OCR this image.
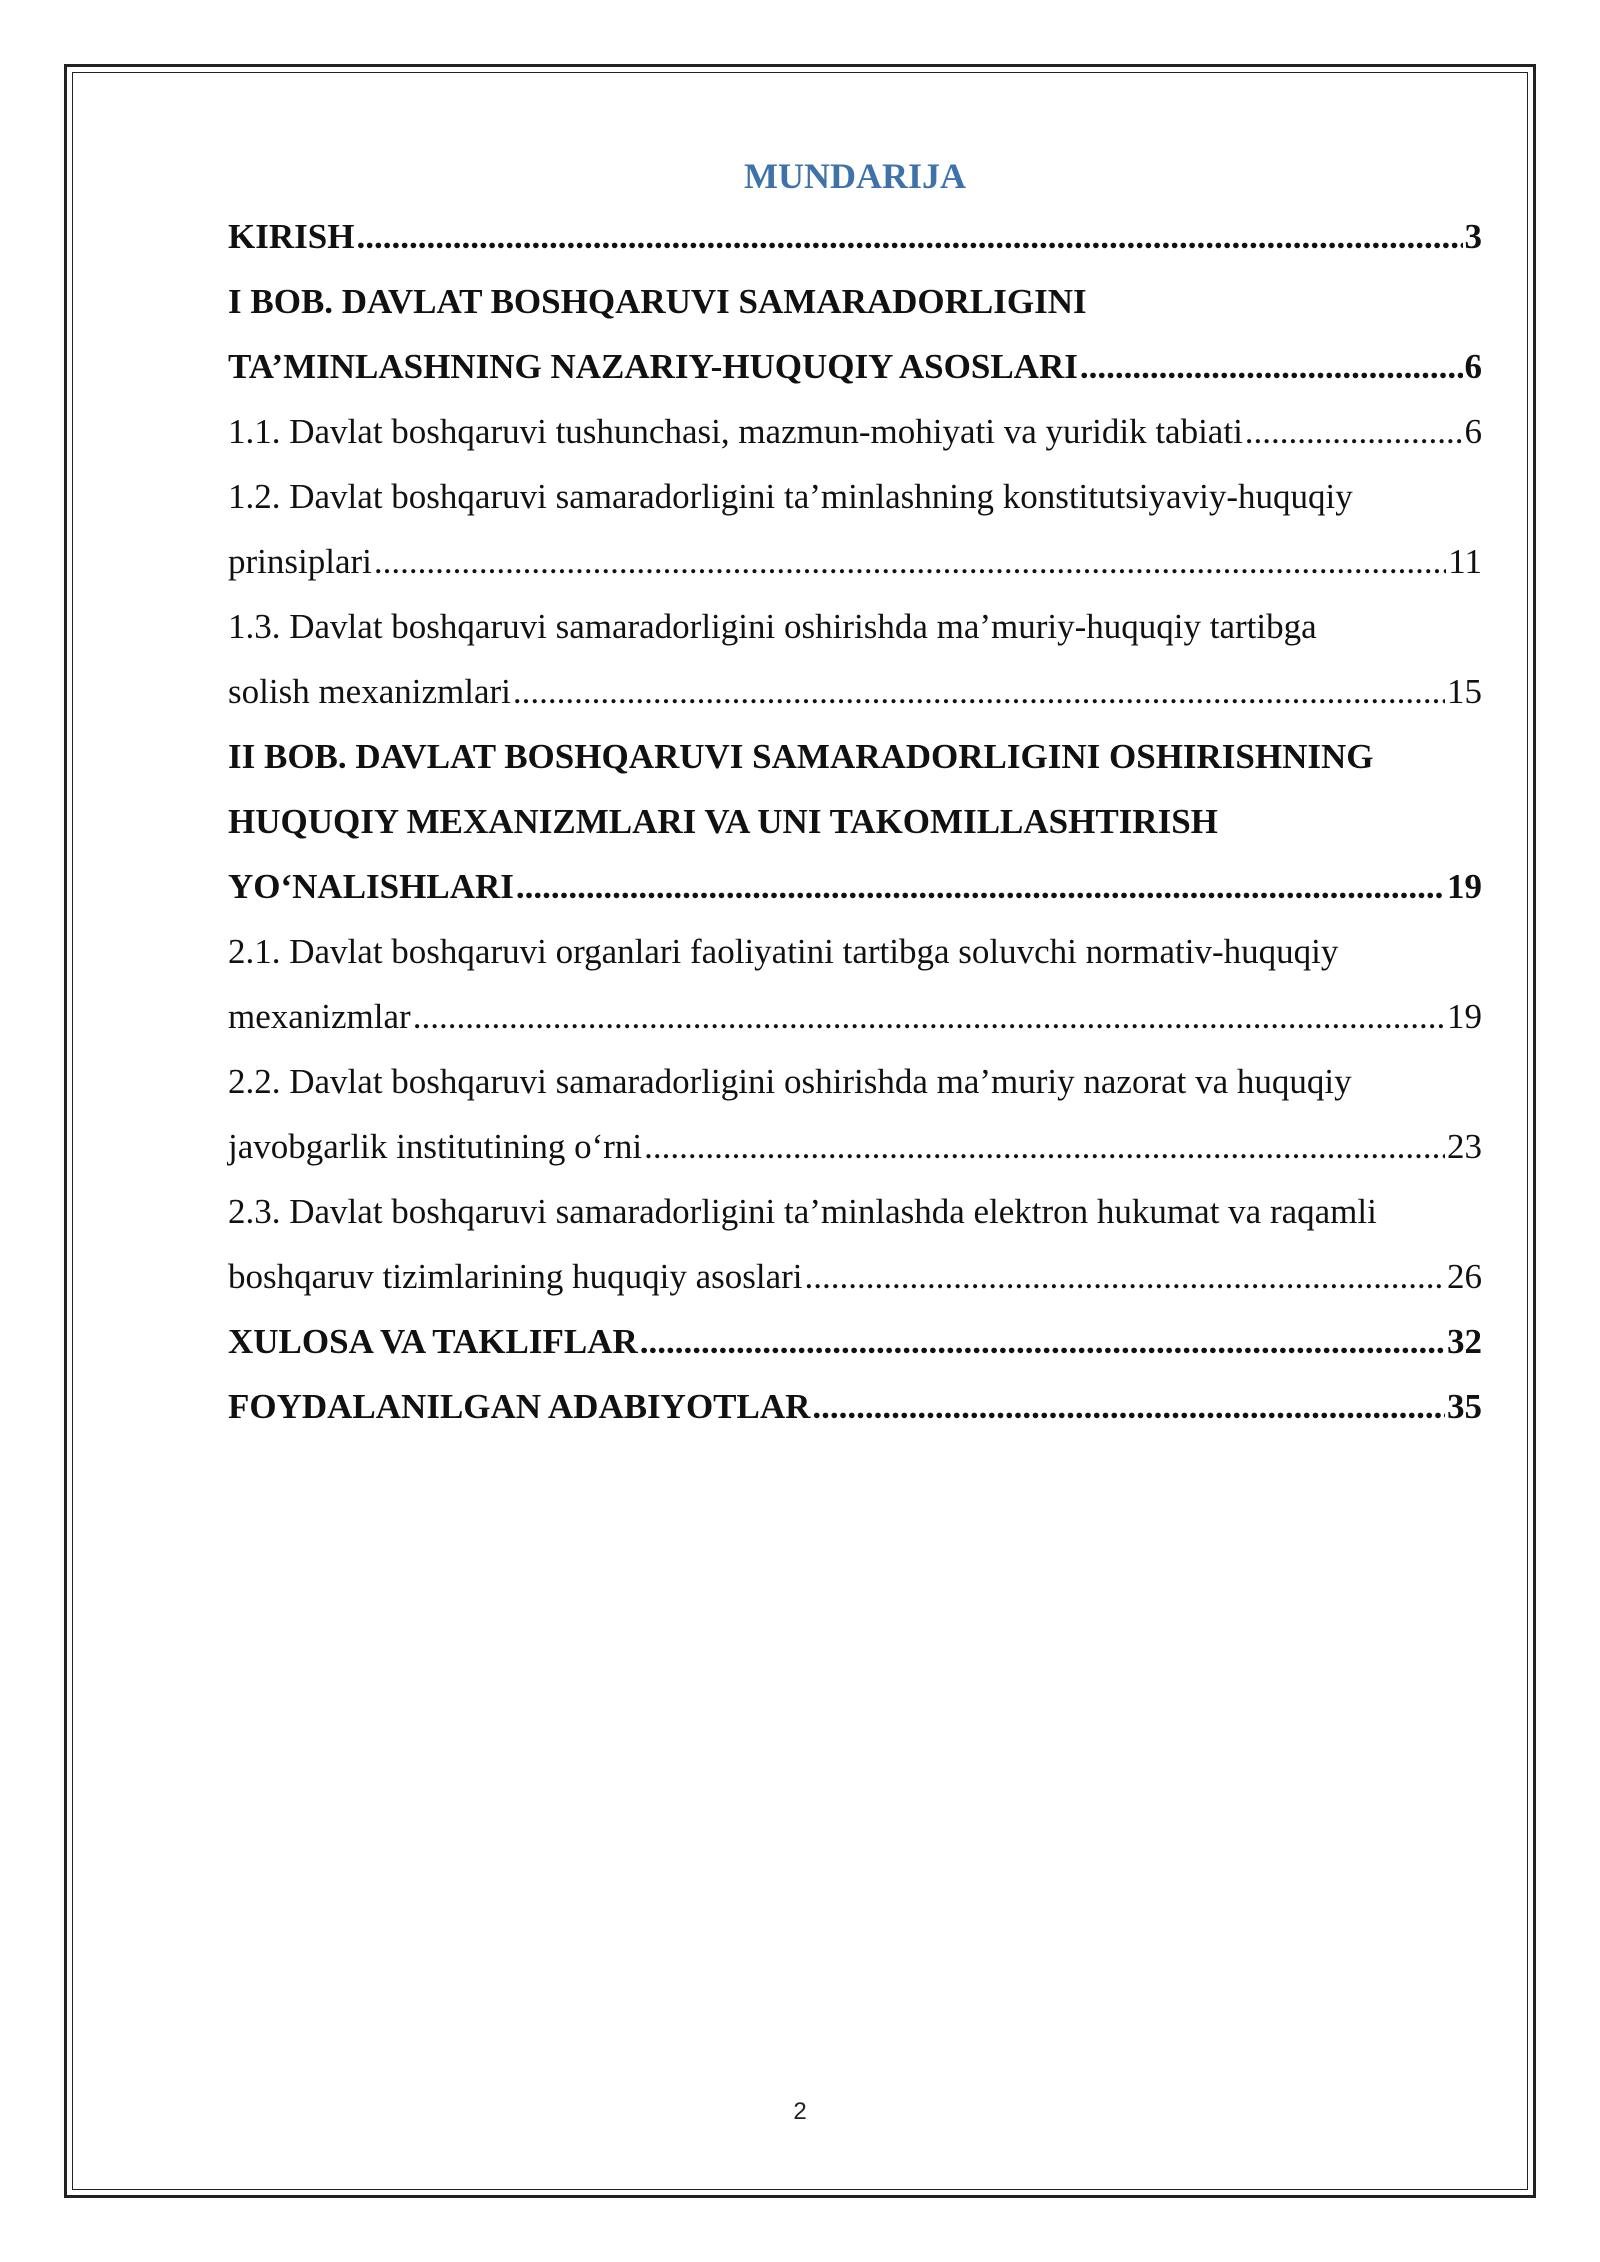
MUNDARIJA
KIRISH .....	3
I BOB. DAVLAT BOSHQARUVI SAMARADORLIGINI
TA’MINLASHNING NAZARIY-HUQUQIY ASOSLARI .....	6
1.1. Davlat boshqaruvi tushunchasi, mazmun-mohiyati va yuridik tabiati .....	6
1.2. Davlat boshqaruvi samaradorligini ta’minlashning konstitutsiyaviy-huquqiy
prinsiplari .....	11
1.3. Davlat boshqaruvi samaradorligini oshirishda ma’muriy-huquqiy tartibga
solish mexanizmlari .....	15
II BOB. DAVLAT BOSHQARUVI SAMARADORLIGINI OSHIRISHNING
HUQUQIY MEXANIZMLARI VA UNI TAKOMILLASHTIRISH
YO‘NALISHLARI .....	19
2.1. Davlat boshqaruvi organlari faoliyatini tartibga soluvchi normativ-huquqiy
mexanizmlar .....	19
2.2. Davlat boshqaruvi samaradorligini oshirishda ma’muriy nazorat va huquqiy
javobgarlik institutining o‘rni .....	23
2.3. Davlat boshqaruvi samaradorligini ta’minlashda elektron hukumat va raqamli
boshqaruv tizimlarining huquqiy asoslari .....	26
XULOSA VA TAKLIFLAR .....	32
FOYDALANILGAN ADABIYOTLAR .....	35
2
